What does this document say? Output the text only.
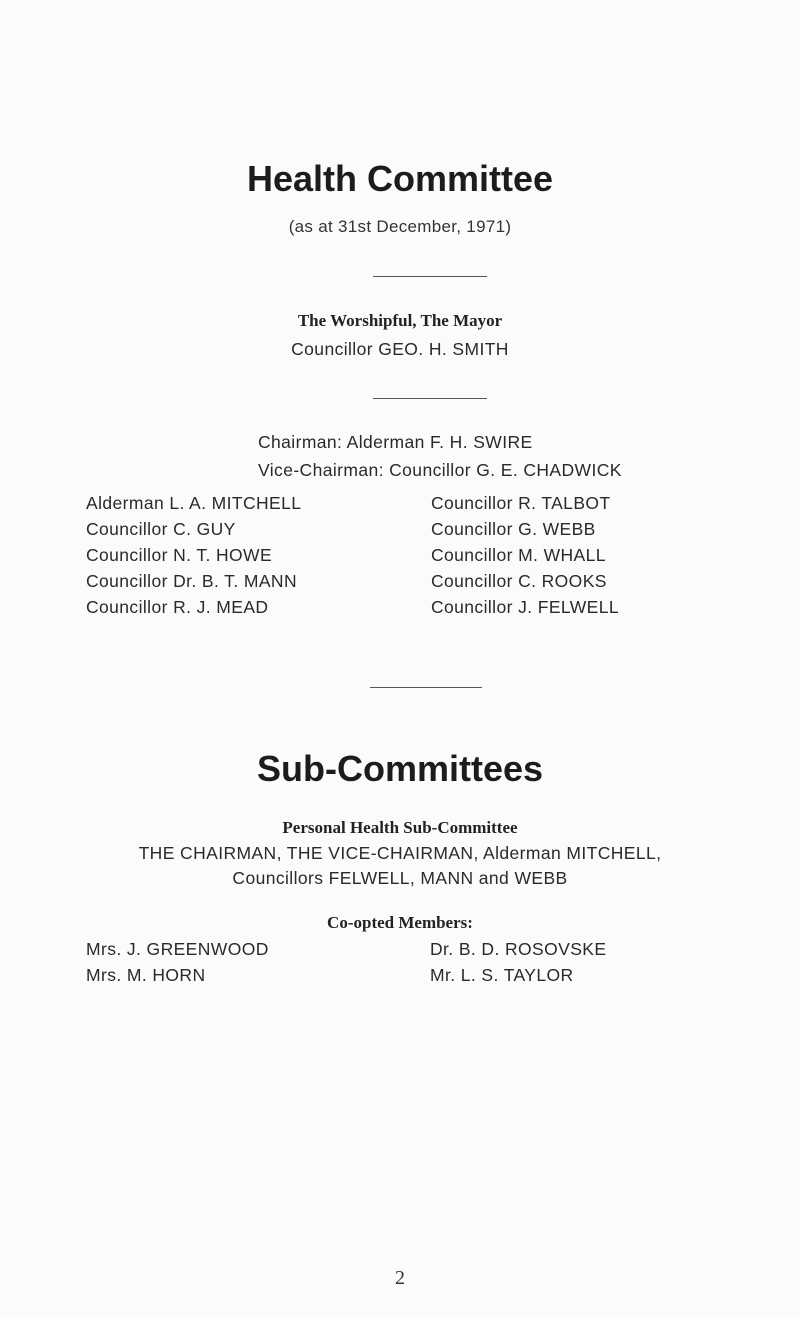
Health Committee
(as at 31st December, 1971)
The Worshipful, The Mayor
Councillor GEO. H. SMITH
Chairman: Alderman F. H. SWIRE
Vice-Chairman: Councillor G. E. CHADWICK
Alderman L. A. MITCHELL
Councillor C. GUY
Councillor N. T. HOWE
Councillor Dr. B. T. MANN
Councillor R. J. MEAD
Councillor R. TALBOT
Councillor G. WEBB
Councillor M. WHALL
Councillor C. ROOKS
Councillor J. FELWELL
Sub-Committees
Personal Health Sub-Committee
THE CHAIRMAN, THE VICE-CHAIRMAN, Alderman MITCHELL,
Councillors FELWELL, MANN and WEBB
Co-opted Members:
Mrs. J. GREENWOOD
Mrs. M. HORN
Dr. B. D. ROSOVSKE
Mr. L. S. TAYLOR
2
